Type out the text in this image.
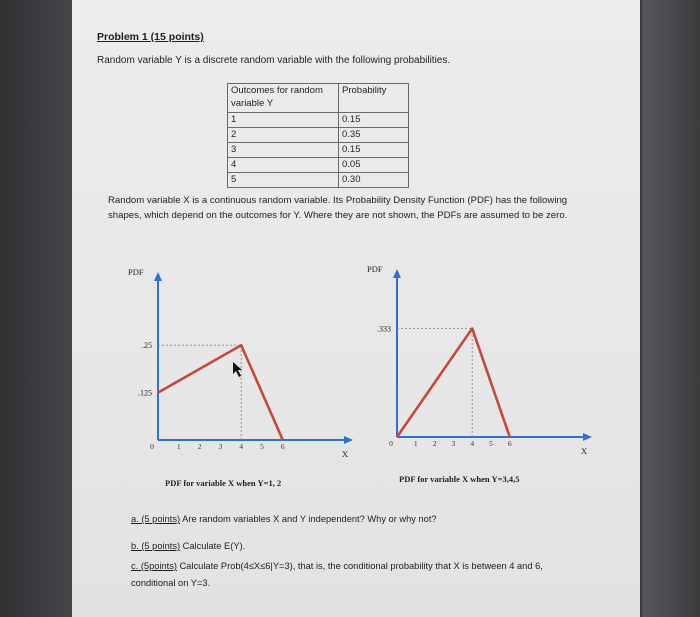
Problem 1 (15 points)
Random variable Y is a discrete random variable with the following probabilities.
Outcomes for random variable Y	Probability
1	0.15
2	0.35
3	0.15
4	0.05
5	0.30
Random variable X is a continuous random variable. Its Probability Density Function (PDF) has the following shapes, which depend on the outcomes for Y. Where they are not shown, the PDFs are assumed to be zero.
PDF
X
.25
.125
0	1 2 3 4 5 6
PDF
X
.333
0	1 2 3 4 5 6
PDF for variable X when Y=1, 2	PDF for variable X when Y=3,4,5
a. (5 points) Are random variables X and Y independent? Why or why not?
b. (5 points) Calculate E(Y).
c. (5points) Calculate Prob(4≤X≤6|Y=3), that is, the conditional probability that X is between 4 and 6,
conditional on Y=3.
